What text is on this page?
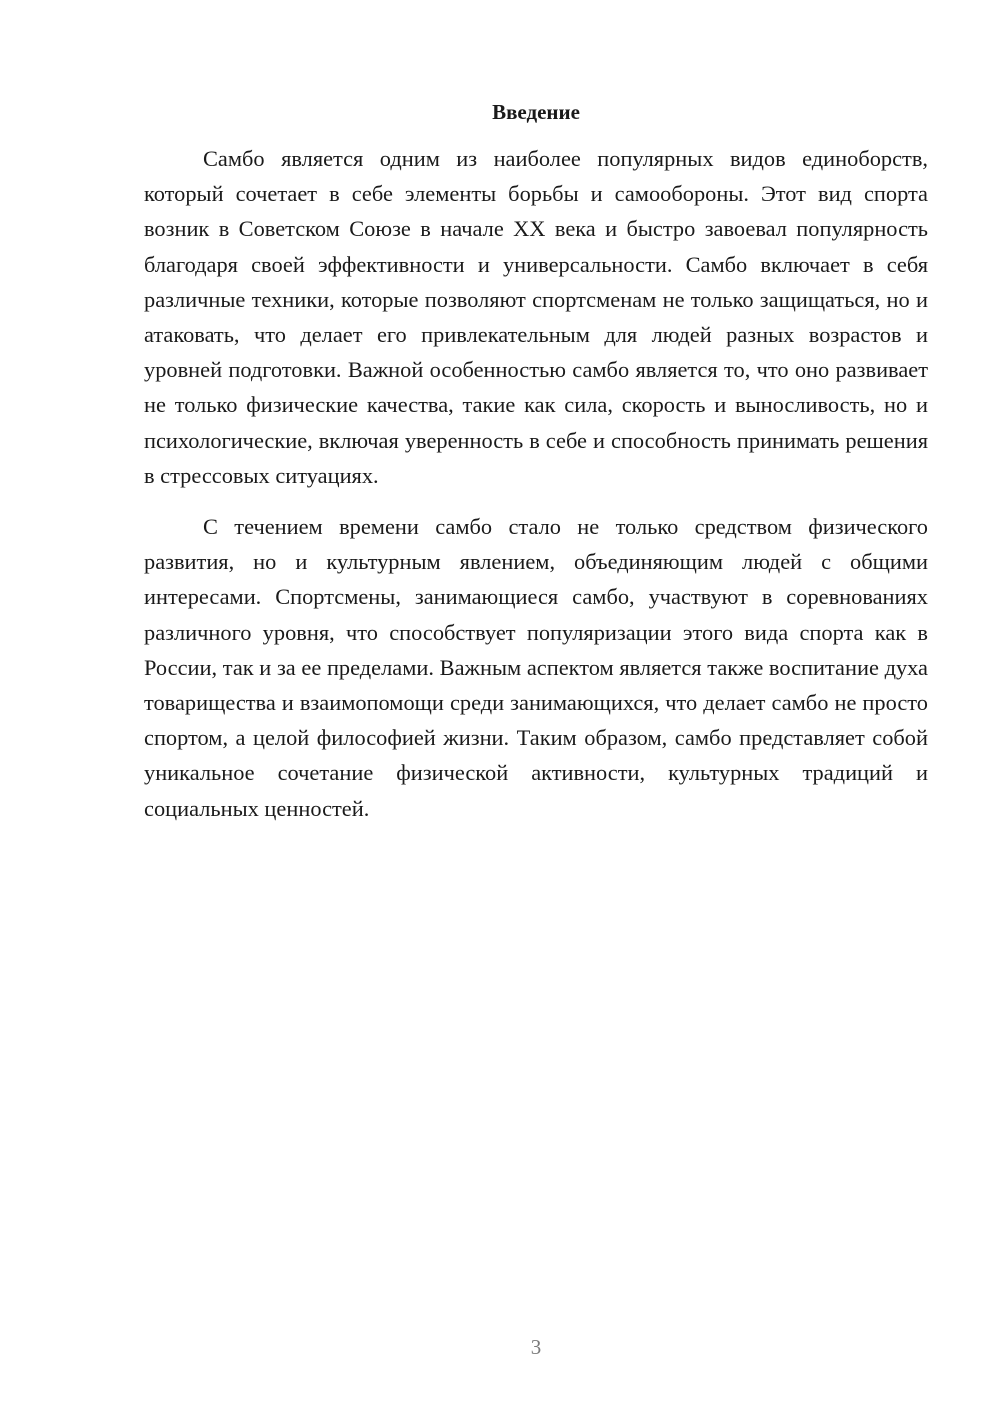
Введение

Самбо является одним из наиболее популярных видов единоборств, который сочетает в себе элементы борьбы и самообороны. Этот вид спорта возник в Советском Союзе в начале XX века и быстро завоевал популярность благодаря своей эффективности и универсальности. Самбо включает в себя различные техники, которые позволяют спортсменам не только защищаться, но и атаковать, что делает его привлекательным для людей разных возрастов и уровней подготовки. Важной особенностью самбо является то, что оно развивает не только физические качества, такие как сила, скорость и выносливость, но и психологические, включая уверенность в себе и способность принимать решения в стрессовых ситуациях.

С течением времени самбо стало не только средством физического развития, но и культурным явлением, объединяющим людей с общими интересами. Спортсмены, занимающиеся самбо, участвуют в соревнованиях различного уровня, что способствует популяризации этого вида спорта как в России, так и за ее пределами. Важным аспектом является также воспитание духа товарищества и взаимопомощи среди занимающихся, что делает самбо не просто спортом, а целой философией жизни. Таким образом, самбо представляет собой уникальное сочетание физической активности, культурных традиций и социальных ценностей.

3
